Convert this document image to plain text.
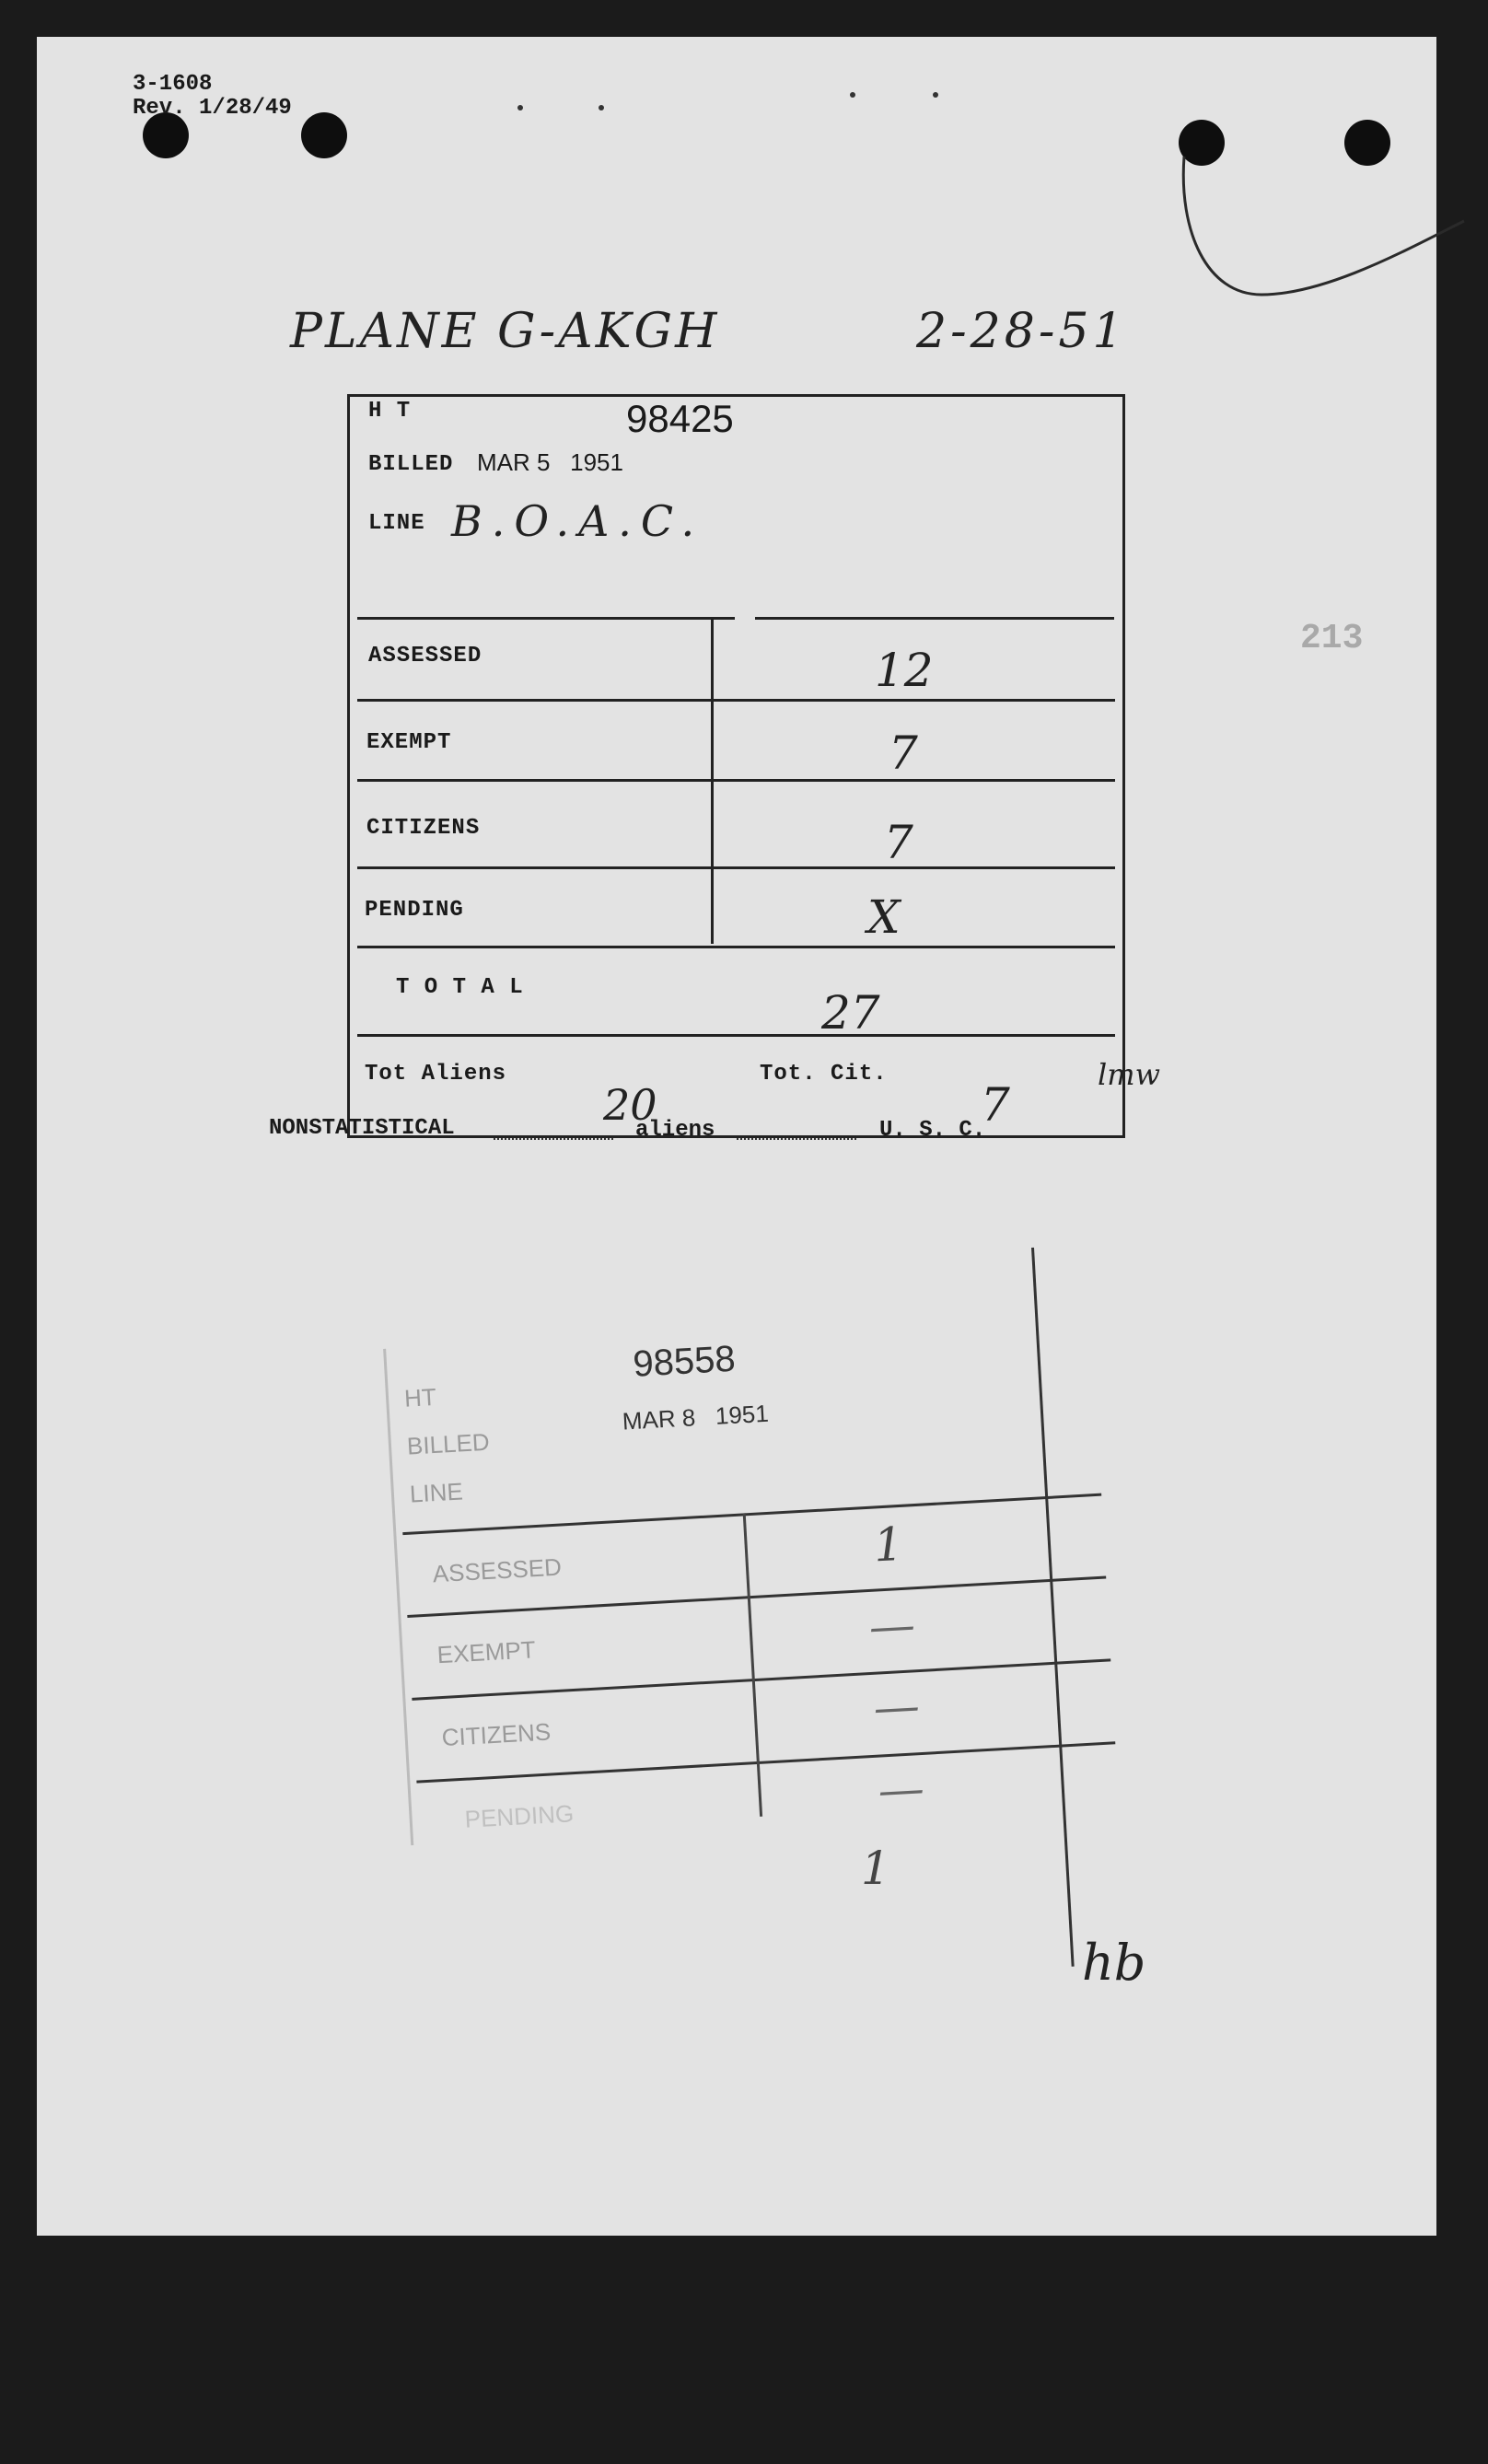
3-1608
Rev. 1/28/49
PLANE G-AKGH	2-28-51
213
H T	98425
BILLED MAR 5   1951
LINE B.O.A.C.
ASSESSED	12
EXEMPT	7
CITIZENS	7
PENDING	X
T O T A L	27
Tot Aliens
20
Tot. Cit.
7
lmw
NONSTATISTICAL	aliens	U. S. C.
HT
98558
BILLED
MAR 8   1951
LINE
ASSESSED	1
EXEMPT	—
CITIZENS	—
PENDING	—
1
hb
